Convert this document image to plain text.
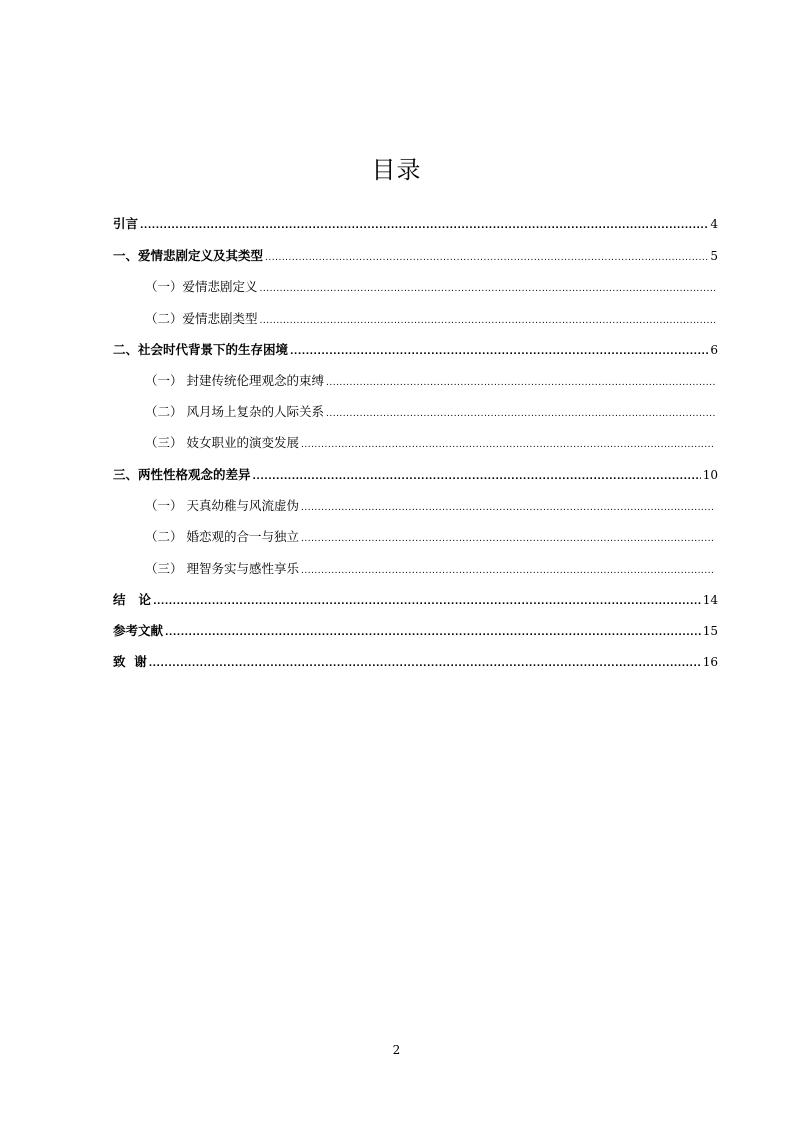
目录
引言 .....	4
一、爱情悲剧定义及其类型 .....	5
（一）爱情悲剧定义
.....
（二）爱情悲剧类型
.....
二、社会时代背景下的生存困境 .....	6
（一） 封建传统伦理观念的束缚
.....
（二） 风月场上复杂的人际关系
.....
（三） 妓女职业的演变发展
.....
三、两性性格观念的差异 .....	10
（一） 天真幼稚与风流虚伪
.....
（二） 婚恋观的合一与独立
.....
（三） 理智务实与感性享乐
.....
结   论 .....	14
参考文献 .....	15
致  谢 .....	16
2
